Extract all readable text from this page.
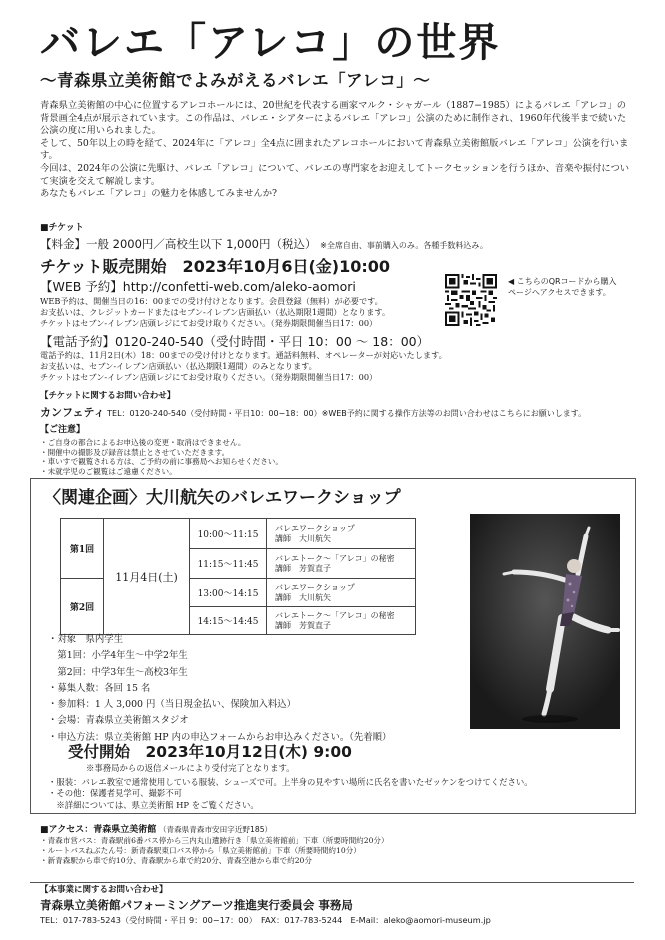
バレエ「アレコ」の世界
〜青森県立美術館でよみがえるバレエ「アレコ」〜

青森県立美術館の中心に位置するアレコホールには、20世紀を代表する画家マルク・シャガール（1887−1985）によるバレエ「アレコ」の背景画全4点が展示されています。この作品は、バレエ・シアターによるバレエ「アレコ」公演のために制作され、1960年代後半まで続いた公演の度に用いられました。

そして、50年以上の時を経て、2024年に「アレコ」全4点に囲まれたアレコホールにおいて青森県立美術館版バレエ「アレコ」公演を行います。

今回は、2024年の公演に先駆け、バレエ「アレコ」について、バレエの専門家をお迎えしてトークセッションを行うほか、音楽や振付について実演を交えて解説します。

あなたもバレエ「アレコ」の魅力を体感してみませんか?

■チケット
【料金】一般 2000円／高校生以下 1,000円（税込） ※全席自由、事前購入のみ。各種手数料込み。
チケット販売開始　2023年10月6日(金)10:00
【WEB 予約】http://confetti-web.com/aleko-aomori

WEB予約は、開催当日の16：00までの受け付けとなります。会員登録（無料）が必要です。

お支払いは、クレジットカードまたはセブン-イレブン店頭払い（払込期限1週間）となります。

チケットはセブン-イレブン店頭レジにてお受け取りください。（発券期限開催当日17：00）

◀ こちらのQRコードから購入ページへアクセスできます。
【電話予約】0120-240-540（受付時間・平日 10：00 〜 18：00）

電話予約は、11月2日(木）18：00までの受け付けとなります。通話料無料、オペレーターが対応いたします。

お支払いは、セブン-イレブン店頭払い（払込期限1週間）のみとなります。

チケットはセブン-イレブン店頭レジにてお受け取りください。（発券期限開催当日17：00）

【チケットに関するお問い合わせ】
カンフェティ TEL：0120-240-540（受付時間・平日10：00−18：00）※WEB予約に関する操作方法等のお問い合わせはこちらにお願いします。
【ご注意】

・ご自身の都合によるお申込後の変更・取消はできません。

・開催中の撮影及び録音は禁止とさせていただきます。

・車いすで観覧される方は、ご予約の前に事務局へお知らせください。

・未就学児のご観覧はご遠慮ください。

〈関連企画〉大川航矢のバレエワークショップ
第1回	11月4日(土)	10:00〜11:15	バレエワークショップ
講師　大川航矢

		11:15〜11:45	バレエトーク〜「アレコ」の秘密
講師　芳賀直子

第2回		13:00〜14:15	バレエワークショップ
講師　大川航矢

		14:15〜14:45	バレエトーク〜「アレコ」の秘密
講師　芳賀直子

・対象　県内学生

　第1回：小学4年生〜中学2年生

　第2回：中学3年生〜高校3年生

・募集人数：各回 15 名

・参加料：1 人 3,000 円（当日現金払い、保険加入料込）

・会場：青森県立美術館スタジオ

・申込方法：県立美術館 HP 内の申込フォームからお申込みください。（先着順）

受付開始　2023年10月12日(木) 9:00
※事務局からの返信メールにより受付完了となります。

・服装：バレエ教室で通常使用している服装、シューズで可。上半身の見やすい場所に氏名を書いたゼッケンをつけてください。

・その他：保護者見学可、撮影不可

　※詳細については、県立美術館 HP をご覧ください。

■アクセス：青森県立美術館 （青森県青森市安田字近野185）

・青森市営バス：青森駅前6番バス停から三内丸山遺跡行き「県立美術館前」下車（所要時間約20分）

・ルートバスねぶたん号：新青森駅東口バス停から「県立美術館前」下車（所要時間約10分）

・新青森駅から車で約10分、青森駅から車で約20分、青森空港から車で約20分

【本事業に関するお問い合わせ】
青森県立美術館パフォーミングアーツ推進実行委員会 事務局
TEL：017-783-5243（受付時間・平日 9：00−17：00）　FAX：017-783-5244　E-Mail：aleko@aomori-museum.jp
